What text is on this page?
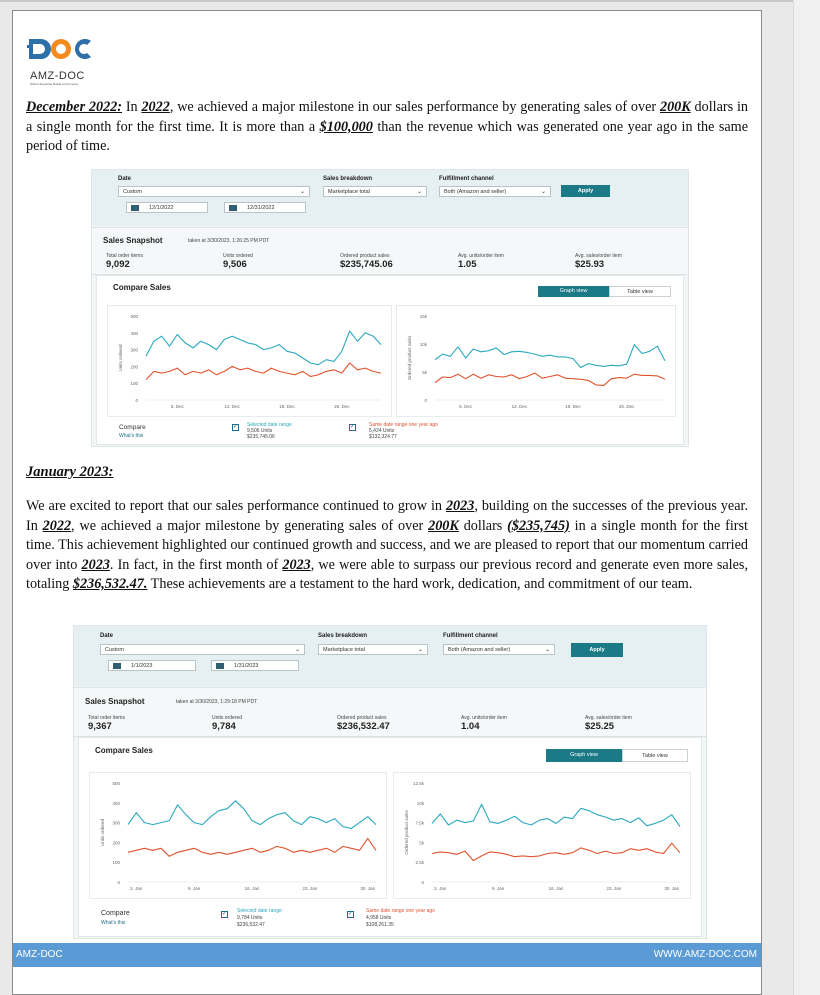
AMZ-DOC
Where Expertise Builds eCommerce
December 2022: In 2022, we achieved a major milestone in our sales performance by generating sales of over 200K dollars in a single month for the first time. It is more than a $100,000 than the revenue which was generated one year ago in the same period of time.
Date
Custom	⌄
12/1/2022	12/31/2022
Sales breakdown
Marketplace total	⌄
Fulfillment channel
Both (Amazon and seller)	⌄	Apply
Sales Snapshot	taken at 3/30/2023, 1:26:25 PM PDT
Total order items
9,092
Units ordered
9,506
Ordered product sales
$235,745.06
Avg. units/order item
1.05
Avg. sales/order item
$25.93
Compare Sales	Graph view	Table view
0
100
200
300
400
500
Units ordered
5. Dec	12. Dec	19. Dec	26. Dec
0
5k
10k
15k
Ordered product sales
5. Dec	12. Dec	19. Dec	26. Dec
Compare
What's this
✓ Selected date range
9,506 Units
$235,745.06
✓	Same date range one year ago
5,424 Units
$132,324.77
January 2023:
We are excited to report that our sales performance continued to grow in 2023, building on the successes of the previous year. In 2022, we achieved a major milestone by generating sales of over 200K dollars ($235,745) in a single month for the first time. This achievement highlighted our continued growth and success, and we are pleased to report that our momentum carried over into 2023. In fact, in the first month of 2023, we were able to surpass our previous record and generate even more sales, totaling $236,532.47. These achievements are a testament to the hard work, dedication, and commitment of our team.
Date
Custom	⌄
1/1/2023	1/31/2023
Sales breakdown
Marketplace total	⌄
Fulfillment channel
Both (Amazon and seller)	⌄	Apply
Sales Snapshot	taken at 3/30/2023, 1:29:18 PM PDT
Total order items
9,367
Units ordered
9,784
Ordered product sales
$236,532.47
Avg. units/order item
1.04
Avg. sales/order item
$25.25
Compare Sales	Graph view	Table view
0
100
200
300
400
500
Units ordered
2. Jan	9. Jan	16. Jan	23. Jan	30. Jan
0
2.5k
5k
7.5k
10k
12.5k
Ordered product sales
2. Jan	9. Jan	16. Jan	23. Jan	30. Jan
Compare
What's this
✓ Selected date range
9,784 Units
$236,532.47
✓	Same date range one year ago
4,958 Units
$108,261.35
AMZ-DOC	WWW.AMZ-DOC.COM
